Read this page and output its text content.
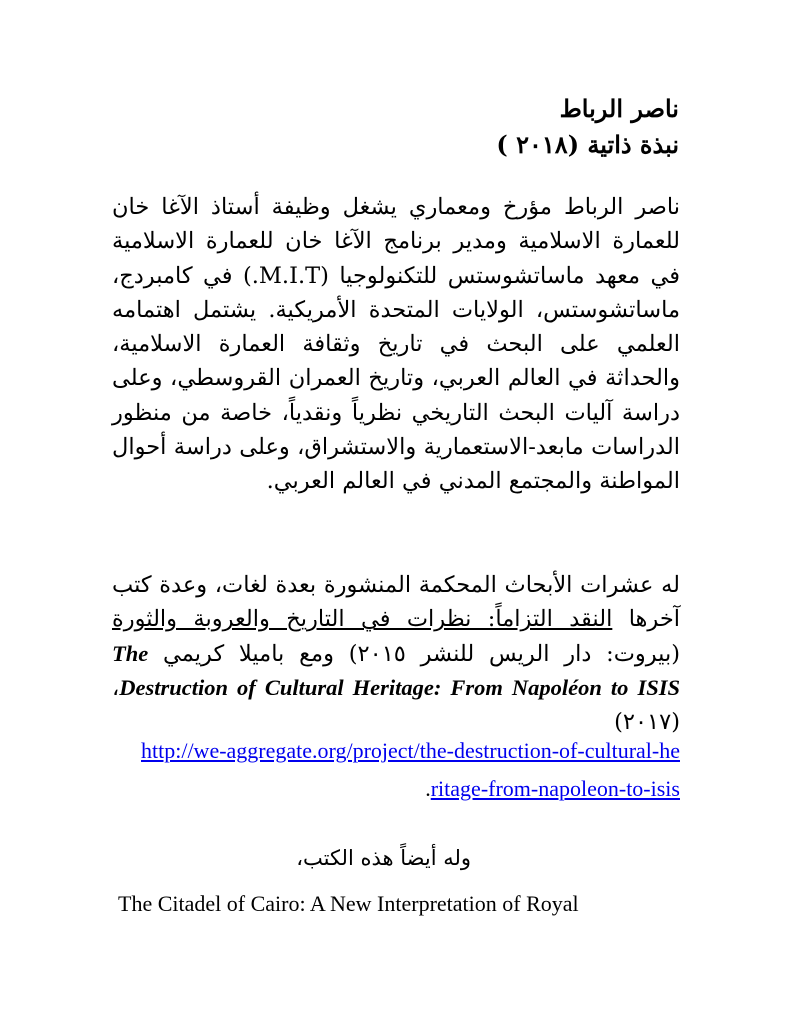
ناصر الرباط
نبذة ذاتية (٢٠١٨ )
ناصر الرباط مؤرخ ومعماري يشغل وظيفة أستاذ الآغا خان للعمارة الاسلامية ومدير برنامج الآغا خان للعمارة الاسلامية في معهد ماساتشوستس للتكنولوجيا (M.I.T.) في كامبردج، ماساتشوستس، الولايات المتحدة الأمريكية. يشتمل اهتمامه العلمي على البحث في تاريخ وثقافة العمارة الاسلامية، والحداثة في العالم العربي، وتاريخ العمران القروسطي، وعلى دراسة آليات البحث التاريخي نظرياً ونقدياً، خاصة من منظور الدراسات مابعد-الاستعمارية والاستشراق، وعلى دراسة أحوال المواطنة والمجتمع المدني في العالم العربي.
له عشرات الأبحاث المحكمة المنشورة بعدة لغات، وعدة كتب آخرها النقد التزاماً: نظرات في التاريخ والعروبة والثورة (بيروت: دار الريس للنشر ٢٠١٥) ومع باميلا كريمي The Destruction of Cultural Heritage: From Napoléon to ISIS، (٢٠١٧)
http://we-aggregate.org/project/the-destruction-of-cultural-he
ritage-from-napoleon-to-isis.
وله أيضاً هذه الكتب،
The Citadel of Cairo: A New Interpretation of Royal
